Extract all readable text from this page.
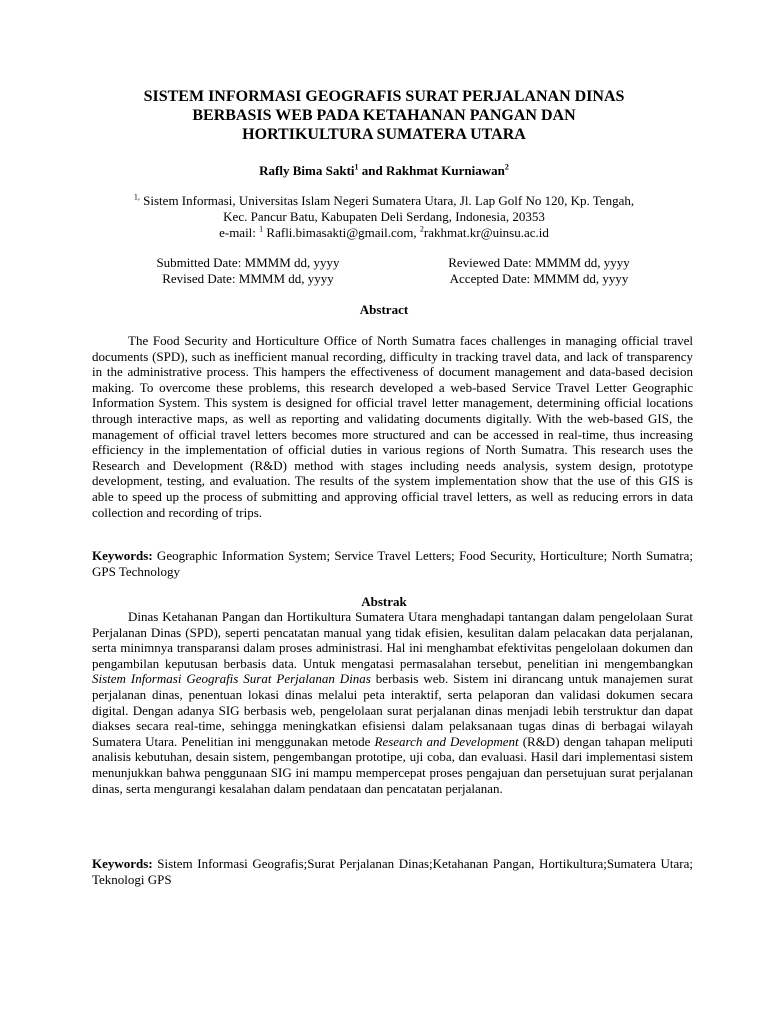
SISTEM INFORMASI GEOGRAFIS SURAT PERJALANAN DINAS
BERBASIS WEB PADA KETAHANAN PANGAN DAN
HORTIKULTURA SUMATERA UTARA
Rafly Bima Sakti$^1$ and Rakhmat Kurniawan$^2$
$^{1,}$ Sistem Informasi, Universitas Islam Negeri Sumatera Utara, Jl. Lap Golf No 120, Kp. Tengah,
Kec. Pancur Batu, Kabupaten Deli Serdang, Indonesia, 20353
e-mail: $^1$ Rafli.bimasakti@gmail.com, $^2$rakhmat.kr@uinsu.ac.id
Submitted Date: MMMM dd, yyyy
Revised Date: MMMM dd, yyyy
Reviewed Date: MMMM dd, yyyy
Accepted Date: MMMM dd, yyyy
Abstract
The Food Security and Horticulture Office of North Sumatra faces challenges in managing official travel documents (SPD), such as inefficient manual recording, difficulty in tracking travel data, and lack of transparency in the administrative process. This hampers the effectiveness of document management and data-based decision making. To overcome these problems, this research developed a web-based Service Travel Letter Geographic Information System. This system is designed for official travel letter management, determining official locations through interactive maps, as well as reporting and validating documents digitally. With the web-based GIS, the management of official travel letters becomes more structured and can be accessed in real-time, thus increasing efficiency in the implementation of official duties in various regions of North Sumatra. This research uses the Research and Development (R&D) method with stages including needs analysis, system design, prototype development, testing, and evaluation. The results of the system implementation show that the use of this GIS is able to speed up the process of submitting and approving official travel letters, as well as reducing errors in data collection and recording of trips.
Keywords: Geographic Information System; Service Travel Letters; Food Security, Horticulture; North Sumatra; GPS Technology
Abstrak
Dinas Ketahanan Pangan dan Hortikultura Sumatera Utara menghadapi tantangan dalam pengelolaan Surat Perjalanan Dinas (SPD), seperti pencatatan manual yang tidak efisien, kesulitan dalam pelacakan data perjalanan, serta minimnya transparansi dalam proses administrasi. Hal ini menghambat efektivitas pengelolaan dokumen dan pengambilan keputusan berbasis data. Untuk mengatasi permasalahan tersebut, penelitian ini mengembangkan Sistem Informasi Geografis Surat Perjalanan Dinas berbasis web. Sistem ini dirancang untuk manajemen surat perjalanan dinas, penentuan lokasi dinas melalui peta interaktif, serta pelaporan dan validasi dokumen secara digital. Dengan adanya SIG berbasis web, pengelolaan surat perjalanan dinas menjadi lebih terstruktur dan dapat diakses secara real-time, sehingga meningkatkan efisiensi dalam pelaksanaan tugas dinas di berbagai wilayah Sumatera Utara. Penelitian ini menggunakan metode Research and Development (R&D) dengan tahapan meliputi analisis kebutuhan, desain sistem, pengembangan prototipe, uji coba, dan evaluasi. Hasil dari implementasi sistem menunjukkan bahwa penggunaan SIG ini mampu mempercepat proses pengajuan dan persetujuan surat perjalanan dinas, serta mengurangi kesalahan dalam pendataan dan pencatatan perjalanan.
Keywords: Sistem Informasi Geografis;Surat Perjalanan Dinas;Ketahanan Pangan, Hortikultura;Sumatera Utara; Teknologi GPS
